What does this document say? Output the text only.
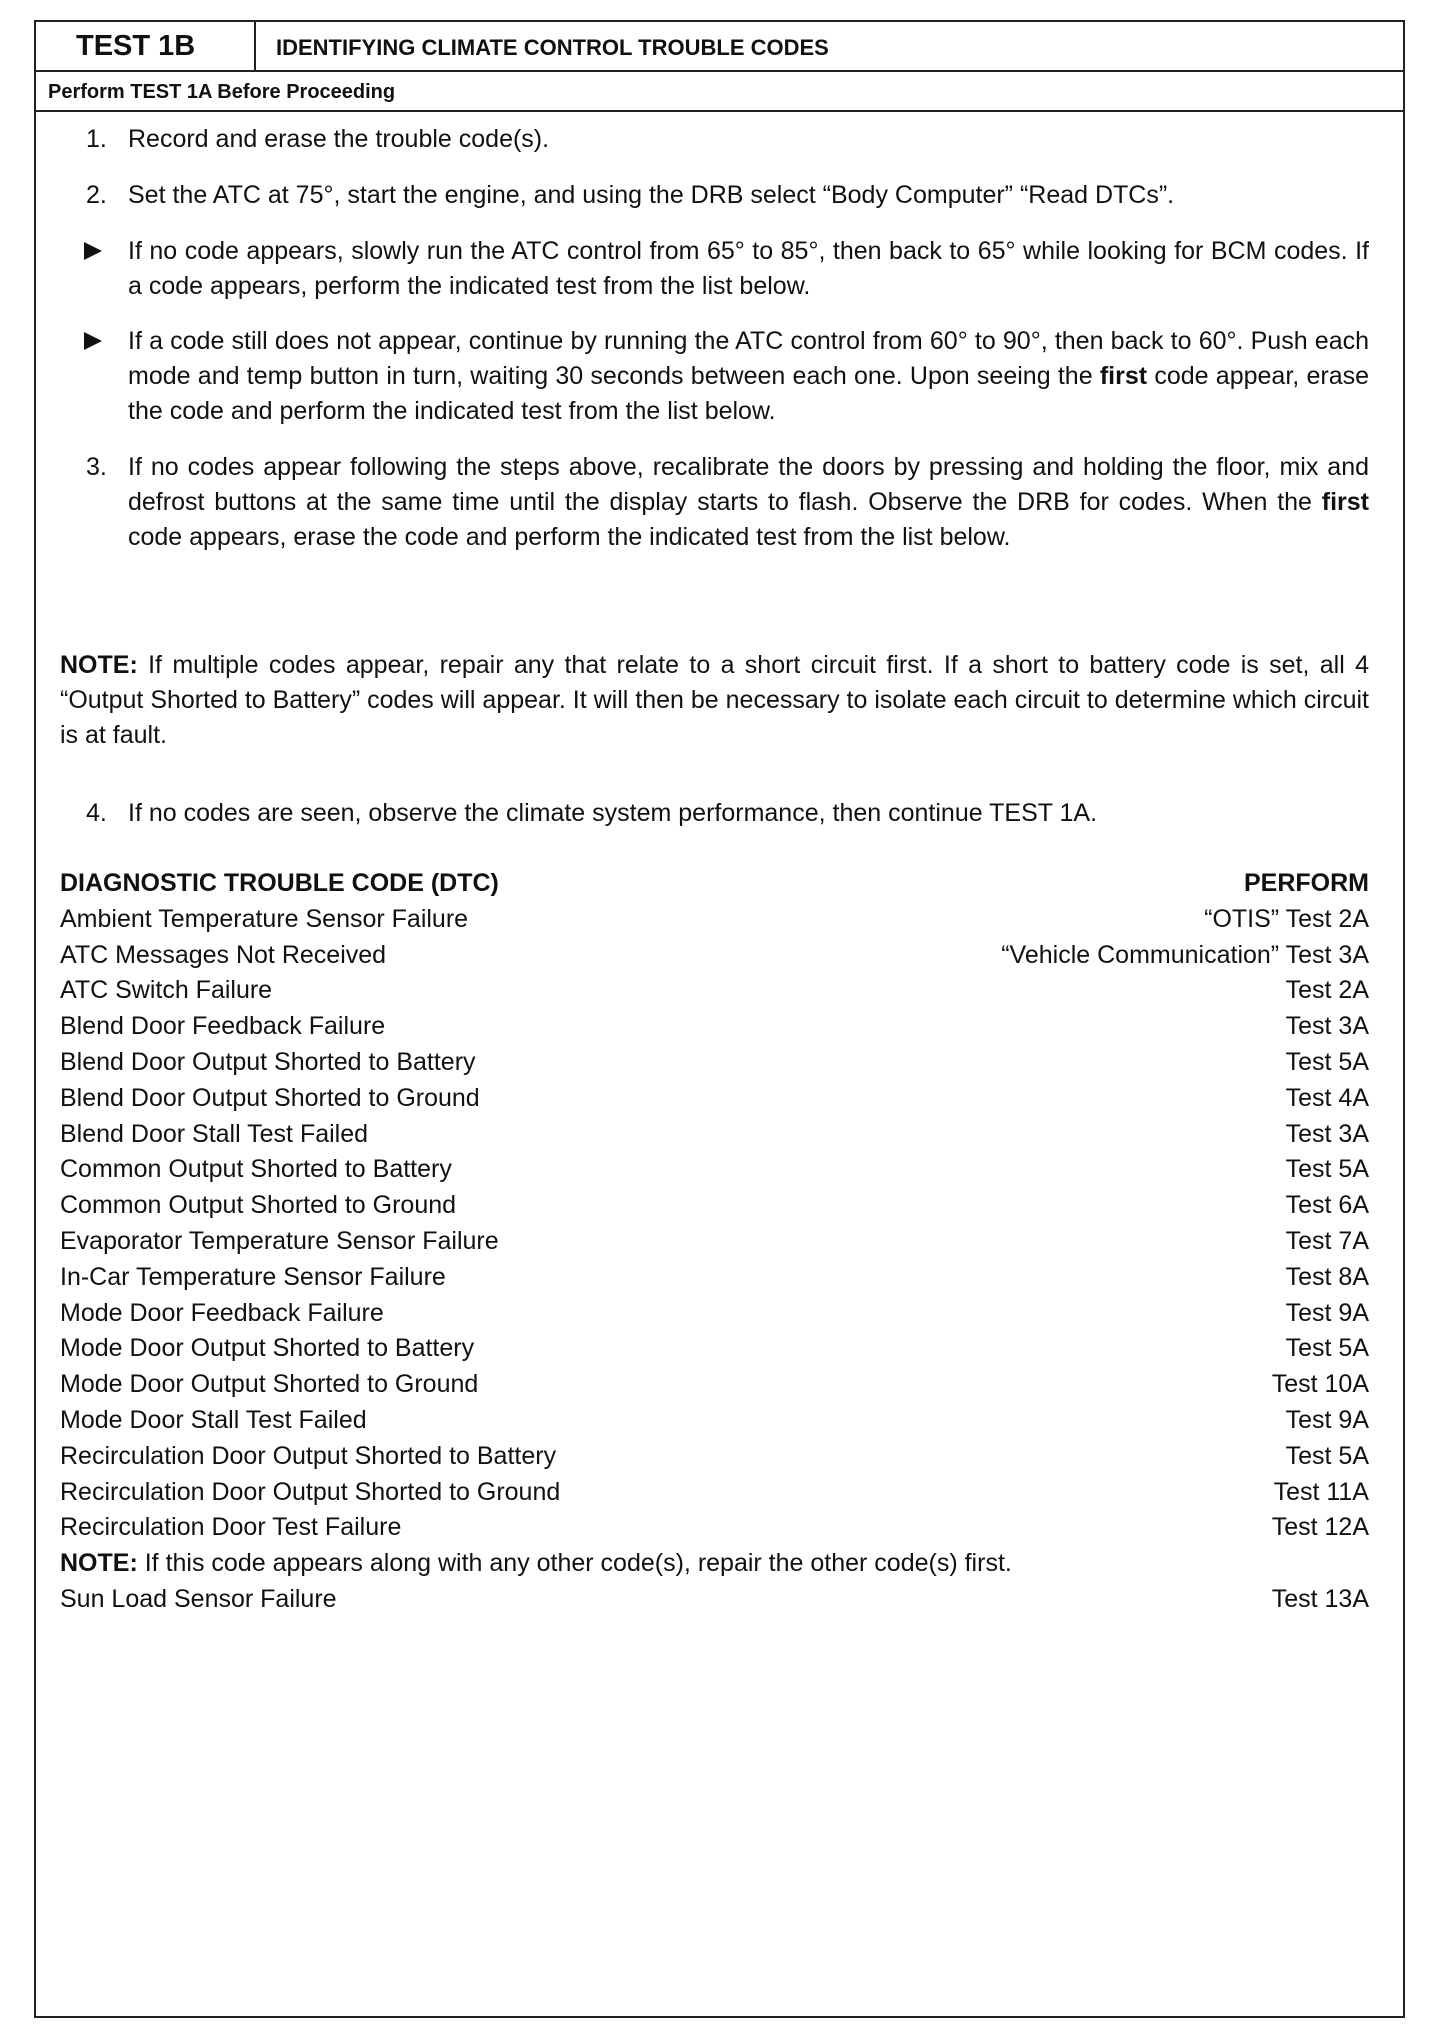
TEST 1B	IDENTIFYING CLIMATE CONTROL TROUBLE CODES
Perform TEST 1A Before Proceeding
1. Record and erase the trouble code(s).
2. Set the ATC at 75°, start the engine, and using the DRB select “Body Computer” “Read DTCs”.
If no code appears, slowly run the ATC control from 65° to 85°, then back to 65° while looking for BCM codes. If a code appears, perform the indicated test from the list below.
If a code still does not appear, continue by running the ATC control from 60° to 90°, then back to 60°. Push each mode and temp button in turn, waiting 30 seconds between each one. Upon seeing the first code appear, erase the code and perform the indicated test from the list below.
3. If no codes appear following the steps above, recalibrate the doors by pressing and holding the floor, mix and defrost buttons at the same time until the display starts to flash. Observe the DRB for codes. When the first code appears, erase the code and perform the indicated test from the list below.
NOTE: If multiple codes appear, repair any that relate to a short circuit first. If a short to battery code is set, all 4 “Output Shorted to Battery” codes will appear. It will then be necessary to isolate each circuit to determine which circuit is at fault.
4. If no codes are seen, observe the climate system performance, then continue TEST 1A.
DIAGNOSTIC TROUBLE CODE (DTC)	PERFORM
Ambient Temperature Sensor Failure	“OTIS” Test 2A
ATC Messages Not Received	“Vehicle Communication” Test 3A
ATC Switch Failure	Test 2A
Blend Door Feedback Failure	Test 3A
Blend Door Output Shorted to Battery	Test 5A
Blend Door Output Shorted to Ground	Test 4A
Blend Door Stall Test Failed	Test 3A
Common Output Shorted to Battery	Test 5A
Common Output Shorted to Ground	Test 6A
Evaporator Temperature Sensor Failure	Test 7A
In-Car Temperature Sensor Failure	Test 8A
Mode Door Feedback Failure	Test 9A
Mode Door Output Shorted to Battery	Test 5A
Mode Door Output Shorted to Ground	Test 10A
Mode Door Stall Test Failed	Test 9A
Recirculation Door Output Shorted to Battery	Test 5A
Recirculation Door Output Shorted to Ground	Test 11A
Recirculation Door Test Failure	Test 12A
NOTE: If this code appears along with any other code(s), repair the other code(s) first.
Sun Load Sensor Failure	Test 13A
